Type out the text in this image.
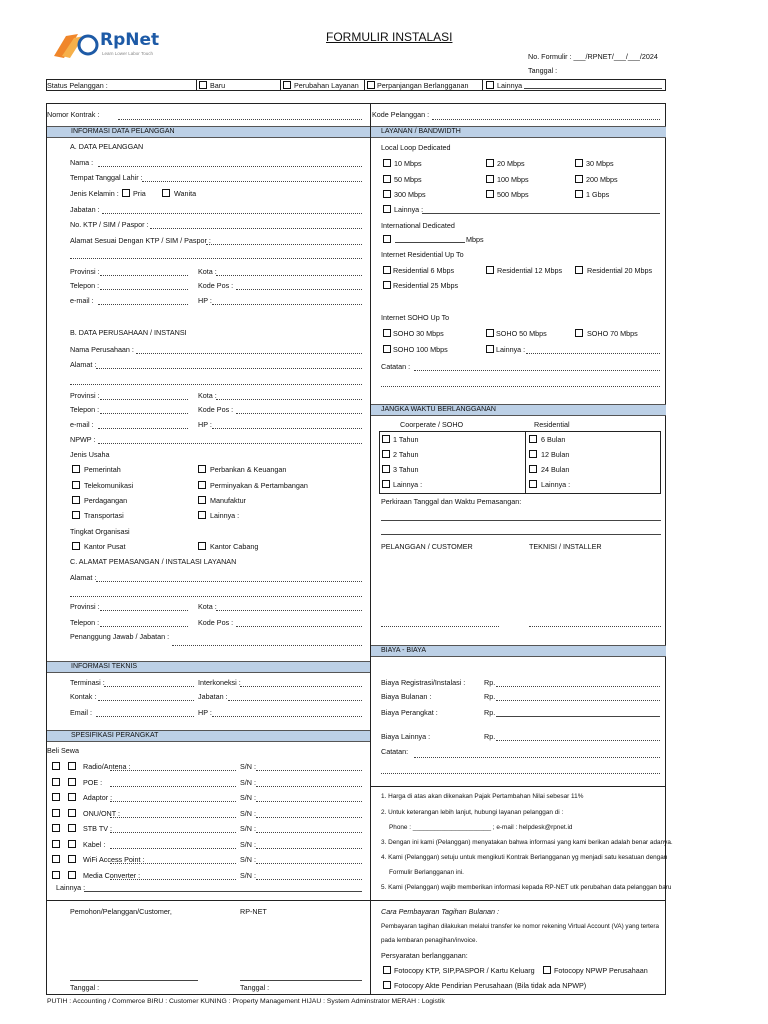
RpNet
Learn Lower Labor Touch
FORMULIR INSTALASI
No. Formulir : ___/RPNET/___/___/2024
Tanggal :
Status Pelanggan :	Baru	Perubahan Layanan	Perpanjangan Berlangganan	Lainnya
Nomor Kontrak :	Kode Pelanggan :
INFORMASI DATA PELANGGAN
A. DATA PELANGGAN
Nama :
Tempat Tanggal Lahir :
Jenis Kelamin : Pria	Wanita
Jabatan :
No. KTP / SIM / Paspor :
Alamat Sesuai Dengan KTP / SIM / Paspor :
Provinsi :	Kota :
Telepon :	Kode Pos :
e-mail :	HP :
B. DATA PERUSAHAAN / INSTANSI
Nama Perusahaan :
Alamat :
Provinsi :	Kota :
Telepon :	Kode Pos :
e-mail :	HP :
NPWP :
Jenis Usaha
Pemerintah	Perbankan & Keuangan
Telekomunikasi	Perminyakan & Pertambangan
Perdagangan	Manufaktur
Transportasi	Lainnya :
Tingkat Organisasi
Kantor Pusat	Kantor Cabang
C. ALAMAT PEMASANGAN / INSTALASI LAYANAN
Alamat :
Provinsi :	Kota :
Telepon :	Kode Pos :
Penanggung Jawab / Jabatan :
INFORMASI TEKNIS
Terminasi :	Interkoneksi :
Kontak :	Jabatan :
Email :	HP :
SPESIFIKASI PERANGKAT
Beli Sewa
Radio/Antena :	S/N :
POE :	S/N :
Adaptor :	S/N :
ONU/ONT :	S/N :
STB TV :	S/N :
Kabel :	S/N :
WiFi Access Point :	S/N :
Media Converter :	S/N :
Lainnya :
Pemohon/Pelanggan/Customer,	RP-NET
Tanggal :	Tanggal :
LAYANAN / BANDWIDTH
Local Loop Dedicated
10 Mbps	20 Mbps	30 Mbps
50 Mbps	100 Mbps	200 Mbps
300 Mbps	500 Mbps	1 Gbps
Lainnya :
International Dedicated
Mbps
Internet Residential Up To
Residential 6 Mbps	Residential 12 Mbps	Residential 20 Mbps
Residential 25 Mbps
Internet SOHO Up To
SOHO 30 Mbps	SOHO 50 Mbps	SOHO 70 Mbps
SOHO 100 Mbps	Lainnya :
Catatan :
JANGKA WAKTU BERLANGGANAN
Coorperate / SOHO	Residential
1 Tahun	6 Bulan
2 Tahun	12 Bulan
3 Tahun	24 Bulan
Lainnya :	Lainnya :
Perkiraan Tanggal dan Waktu Pemasangan:
PELANGGAN / CUSTOMER	TEKNISI / INSTALLER
BIAYA - BIAYA
Biaya Registrasi/Instalasi :	Rp.
Biaya Bulanan :	Rp.
Biaya Perangkat :	Rp.
Biaya Lainnya :	Rp.
Catatan:
1. Harga di atas akan dikenakan Pajak Pertambahan Nilai sebesar 11%
2. Untuk keterangan lebih lanjut, hubungi layanan pelanggan di :
Phone : ______________________ ; e-mail : helpdesk@rpnet.id
3. Dengan ini kami (Pelanggan) menyatakan bahwa informasi yang kami berikan adalah benar adanya.
4. Kami (Pelanggan) setuju untuk mengikuti Kontrak Berlangganan yg menjadi satu kesatuan dengan
Formulir Berlangganan ini.
5. Kami (Pelanggan) wajib memberikan informasi kepada RP-NET utk perubahan data pelanggan baru
Cara Pembayaran Tagihan Bulanan :
Pembayaran tagihan dilakukan melalui transfer ke nomor rekening Virtual Account (VA) yang tertera
pada lembaran penagihan/invoice.
Persyaratan berlangganan:
Fotocopy KTP, SIP,PASPOR / Kartu Keluarg	Fotocopy NPWP Perusahaan
Fotocopy Akte Pendirian Perusahaan (Bila tidak ada NPWP)
PUTIH : Accounting / Commerce BIRU : Customer KUNING : Property Management HIJAU : System Adminstrator MERAH : Logistik
